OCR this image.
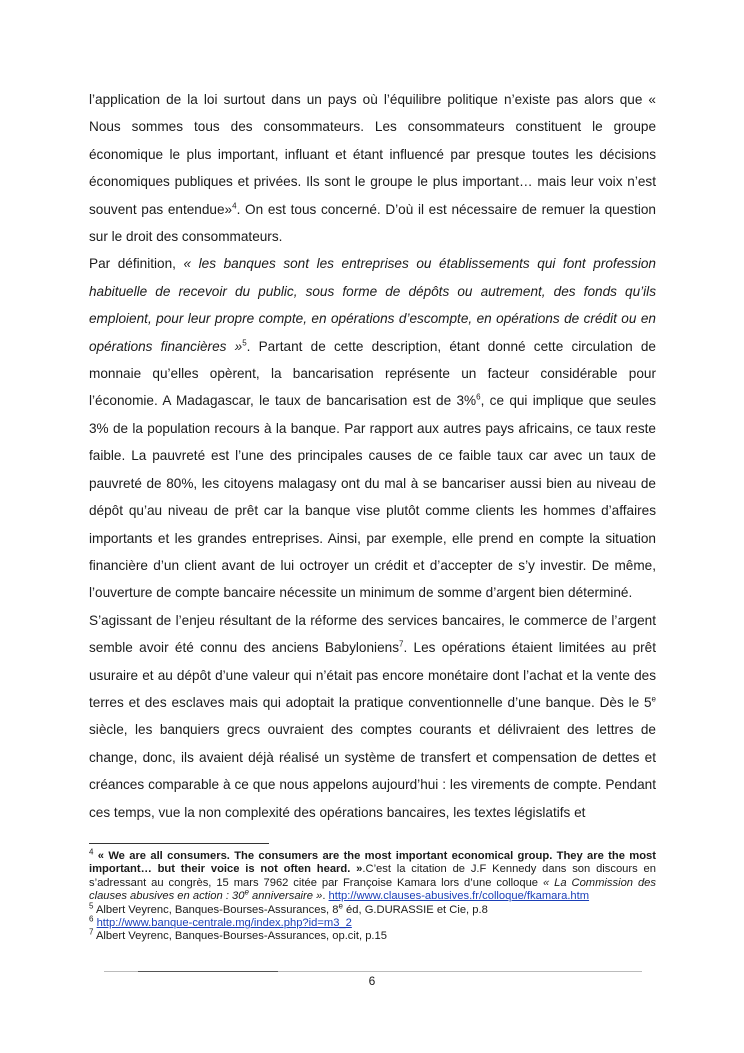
l’application de la loi surtout dans un pays où l’équilibre politique n’existe pas alors que « Nous sommes tous des consommateurs. Les consommateurs constituent le groupe économique le plus important, influant et étant influencé par presque toutes les décisions économiques publiques et privées. Ils sont le groupe le plus important… mais leur voix n’est souvent pas entendue»$^4$. On est tous concerné. D’où il est nécessaire de remuer la question sur le droit des consommateurs.

Par définition, « les banques sont les entreprises ou établissements qui font profession habituelle de recevoir du public, sous forme de dépôts ou autrement, des fonds qu’ils emploient, pour leur propre compte, en opérations d’escompte, en opérations de crédit ou en opérations financières »$^5$. Partant de cette description, étant donné cette circulation de monnaie qu’elles opèrent, la bancarisation représente un facteur considérable pour l’économie. A Madagascar, le taux de bancarisation est de 3%$^6$, ce qui implique que seules 3% de la population recours à la banque. Par rapport aux autres pays africains, ce taux reste faible. La pauvreté est l’une des principales causes de ce faible taux car avec un taux de pauvreté de 80%, les citoyens malagasy ont du mal à se bancariser aussi bien au niveau de dépôt qu’au niveau de prêt car la banque vise plutôt comme clients les hommes d’affaires importants et les grandes entreprises. Ainsi, par exemple, elle prend en compte la situation financière d’un client avant de lui octroyer un crédit et d’accepter de s’y investir. De même, l’ouverture de compte bancaire nécessite un minimum de somme d’argent bien déterminé.

S’agissant de l’enjeu résultant de la réforme des services bancaires, le commerce de l’argent semble avoir été connu des anciens Babyloniens$^7$. Les opérations étaient limitées au prêt usuraire et au dépôt d’une valeur qui n’était pas encore monétaire dont l’achat et la vente des terres et des esclaves mais qui adoptait la pratique conventionnelle d’une banque. Dès le 5e siècle, les banquiers grecs ouvraient des comptes courants et délivraient des lettres de change, donc, ils avaient déjà réalisé un système de transfert et compensation de dettes et créances comparable à ce que nous appelons aujourd’hui : les virements de compte. Pendant ces temps, vue la non complexité des opérations bancaires, les textes législatifs et

$^4$ « We are all consumers. The consumers are the most important economical group. They are the most important… but their voice is not often heard. ».C’est la citation de J.F Kennedy dans son discours en s’adressant au congrès, 15 mars 7962 citée par Françoise Kamara lors d’une colloque « La Commission des clauses abusives en action : 30e anniversaire ». http://www.clauses-abusives.fr/colloque/fkamara.htm

$^5$ Albert Veyrenc, Banques-Bourses-Assurances, 8e éd, G.DURASSIE et Cie, p.8

$^6$ http://www.banque-centrale.mg/index.php?id=m3_2

$^7$ Albert Veyrenc, Banques-Bourses-Assurances, op.cit, p.15

6
